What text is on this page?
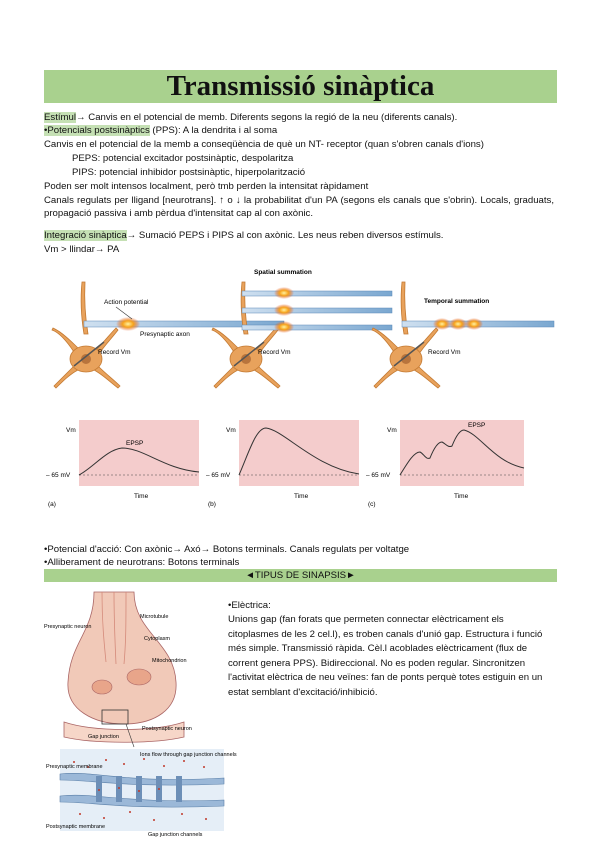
Transmissió sinàptica
Estímul→ Canvis en el potencial de memb. Diferents segons la regió de la neu (diferents canals).
•Potencials postsinàptics (PPS): A la dendrita i al soma
Canvis en el potencial de la memb a conseqüència de què un NT- receptor (quan s'obren canals d'ions)
PEPS: potencial excitador postsinàptic, despolaritza
PIPS: potencial inhibidor postsinàptic, hiperpolarització
Poden ser molt intensos localment, però tmb perden la intensitat ràpidament
Canals regulats per lligand [neurotrans]. ↑ o ↓ la probabilitat d'un PA (segons els canals que s'obrin). Locals, graduats, propagació passiva i amb pèrdua d'intensitat cap al con axònic.
Integració sinàptica→ Sumació PEPS i PIPS al con axònic. Les neus reben diversos estímuls.
Vm > llindar→ PA
Action potential
Presynaptic axon
Record Vm
EPSP
Vm
– 65 mV
Time
(a)
Spatial summation
Record Vm
Vm
– 65 mV
Time
(b)
Temporal summation
Record Vm
EPSP
Vm
– 65 mV
Time
(c)
•Potencial d'acció: Con axònic→ Axó→ Botons terminals. Canals regulats per voltatge
•Alliberament de neurotrans: Botons terminals
◄TIPUS DE SINAPSIS►
Presynaptic neuron
Microtubule
Cytoplasm
Mitochondrion
Gap junction
Postsynaptic neuron
Ions flow through gap junction channels
Presynaptic membrane
Postsynaptic membrane
Gap junction channels
•Elèctrica:
Unions gap (fan forats que permeten connectar elèctricament els citoplasmes de les 2 cel.l), es troben canals d'unió gap. Estructura i funció més simple. Transmissió ràpida. Cèl.l acoblades elèctricament (flux de corrent genera PPS). Bidireccional. No es poden regular. Sincronitzen l'activitat elèctrica de neu veïnes: fan de ponts perquè totes estiguin en un estat semblant d'excitació/inhibició.
